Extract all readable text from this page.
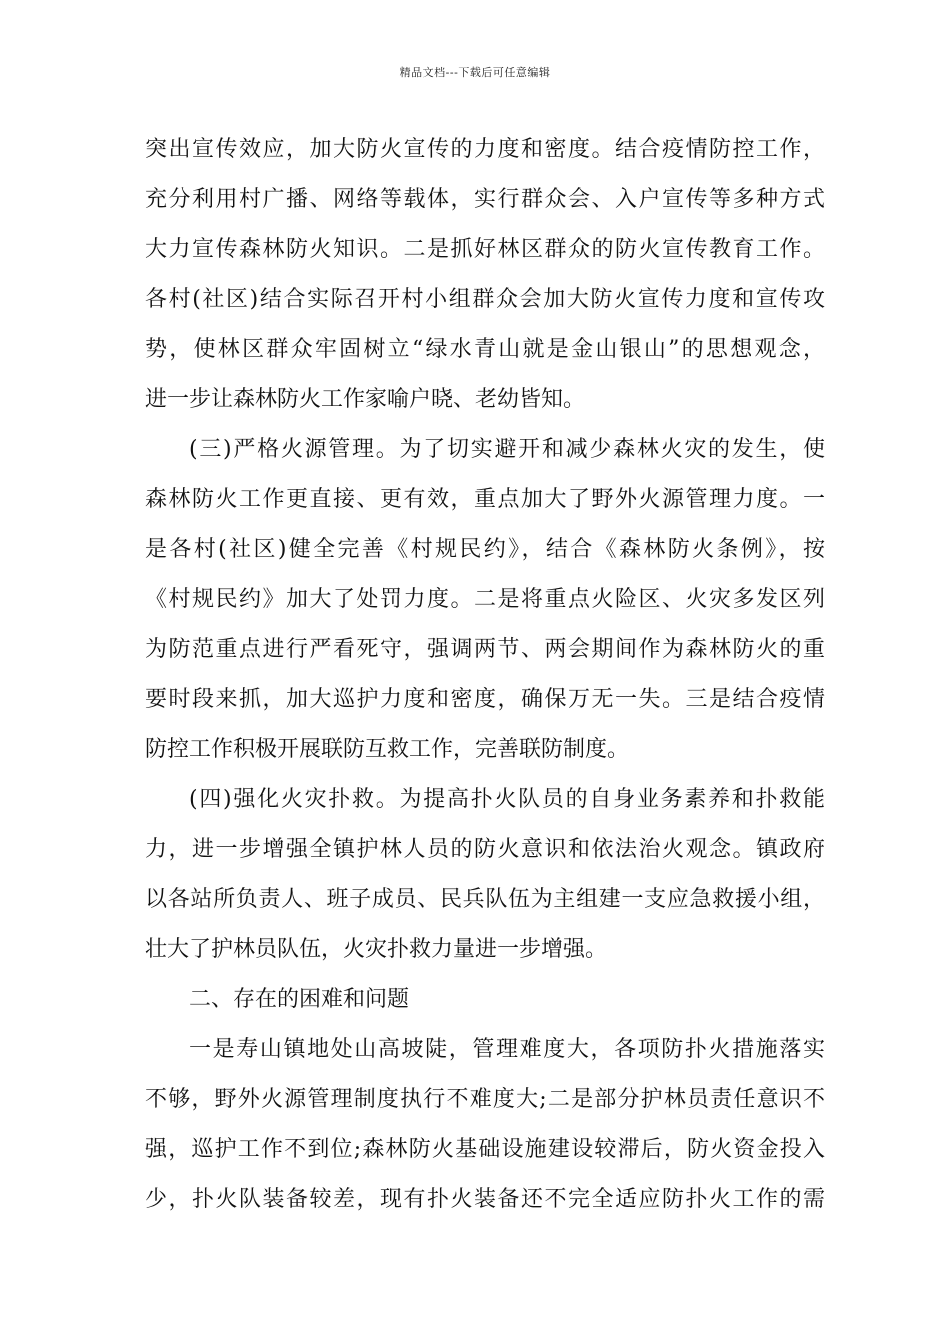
精品文档---下载后可任意编辑
突出宣传效应，加大防火宣传的力度和密度。结合疫情防控工作，
充分利用村广播、网络等载体，实行群众会、入户宣传等多种方式
大力宣传森林防火知识。二是抓好林区群众的防火宣传教育工作。
各村(社区)结合实际召开村小组群众会加大防火宣传力度和宣传攻
势，使林区群众牢固树立“绿水青山就是金山银山”的思想观念，
进一步让森林防火工作家喻户晓、老幼皆知。
(三)严格火源管理。为了切实避开和减少森林火灾的发生，使
森林防火工作更直接、更有效，重点加大了野外火源管理力度。一
是各村(社区)健全完善《村规民约》，结合《森林防火条例》，按
《村规民约》加大了处罚力度。二是将重点火险区、火灾多发区列
为防范重点进行严看死守，强调两节、两会期间作为森林防火的重
要时段来抓，加大巡护力度和密度，确保万无一失。三是结合疫情
防控工作积极开展联防互救工作，完善联防制度。
(四)强化火灾扑救。为提高扑火队员的自身业务素养和扑救能
力，进一步增强全镇护林人员的防火意识和依法治火观念。镇政府
以各站所负责人、班子成员、民兵队伍为主组建一支应急救援小组，
壮大了护林员队伍，火灾扑救力量进一步增强。
二、存在的困难和问题
一是寿山镇地处山高坡陡，管理难度大，各项防扑火措施落实
不够，野外火源管理制度执行不难度大;二是部分护林员责任意识不
强，巡护工作不到位;森林防火基础设施建设较滞后，防火资金投入
少，扑火队装备较差，现有扑火装备还不完全适应防扑火工作的需
